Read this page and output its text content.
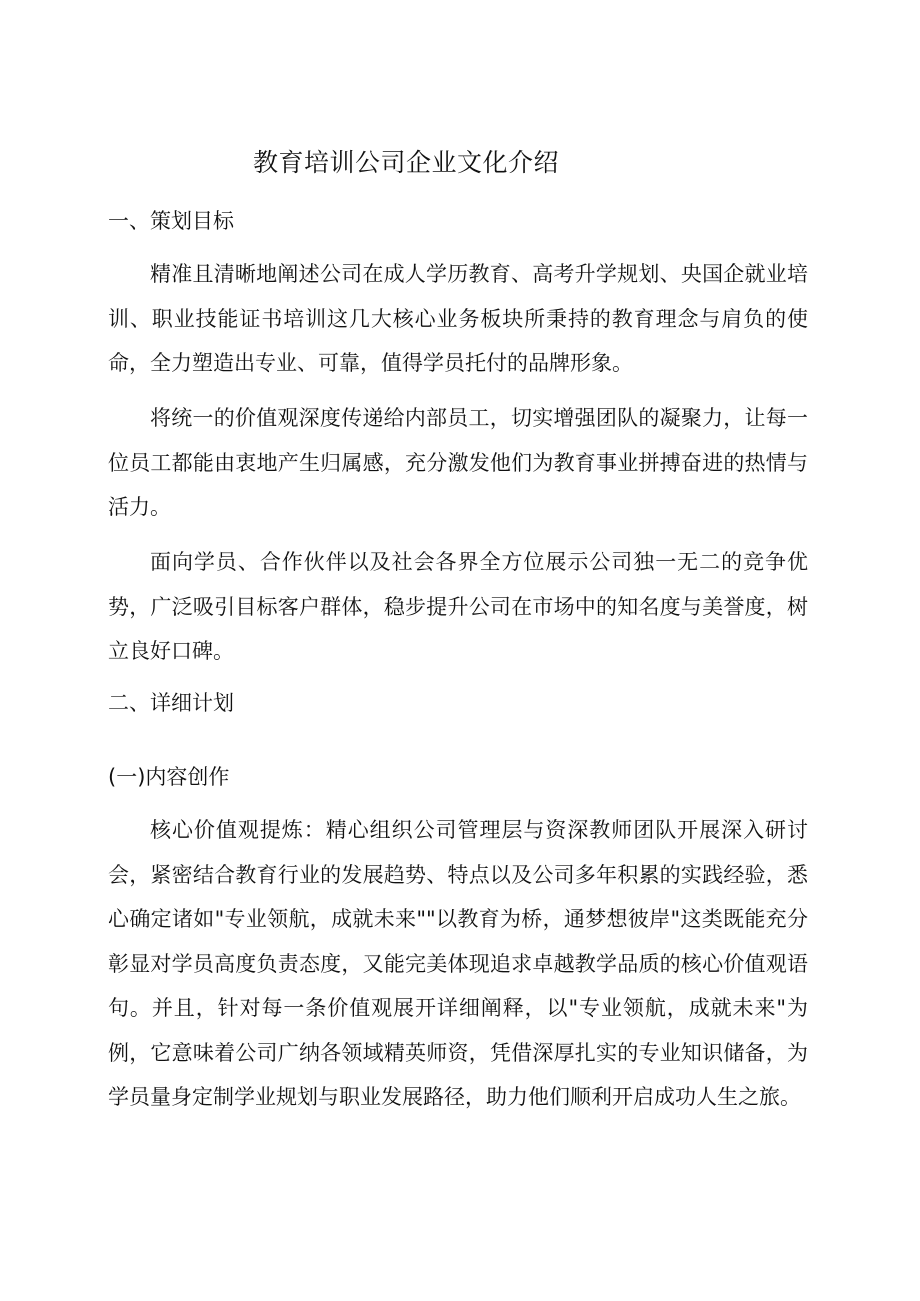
教育培训公司企业文化介绍
一、策划目标

精准且清晰地阐述公司在成人学历教育、高考升学规划、央国企就业培训、职业技能证书培训这几大核心业务板块所秉持的教育理念与肩负的使命，全力塑造出专业、可靠，值得学员托付的品牌形象。

将统一的价值观深度传递给内部员工，切实增强团队的凝聚力，让每一位员工都能由衷地产生归属感，充分激发他们为教育事业拼搏奋进的热情与活力。

面向学员、合作伙伴以及社会各界全方位展示公司独一无二的竞争优势，广泛吸引目标客户群体，稳步提升公司在市场中的知名度与美誉度，树立良好口碑。

二、详细计划
(一)内容创作

核心价值观提炼：精心组织公司管理层与资深教师团队开展深入研讨会，紧密结合教育行业的发展趋势、特点以及公司多年积累的实践经验，悉心确定诸如"专业领航，成就未来""以教育为桥，通梦想彼岸"这类既能充分彰显对学员高度负责态度，又能完美体现追求卓越教学品质的核心价值观语句。并且，针对每一条价值观展开详细阐释，以"专业领航，成就未来"为例，它意味着公司广纳各领域精英师资，凭借深厚扎实的专业知识储备，为学员量身定制学业规划与职业发展路径，助力他们顺利开启成功人生之旅。
